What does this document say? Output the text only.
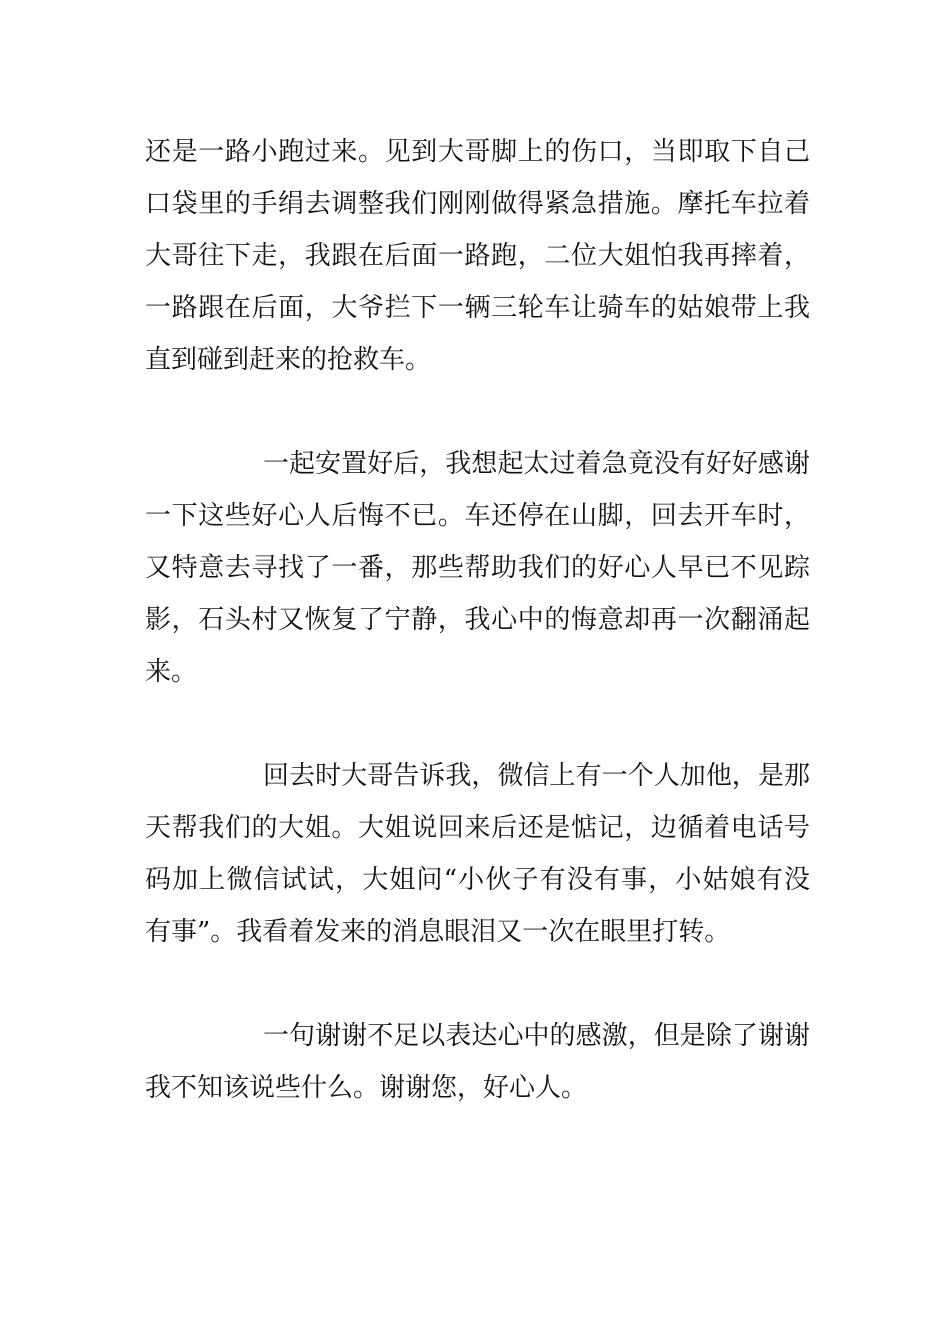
还是一路小跑过来。见到大哥脚上的伤口，当即取下自己
口袋里的手绢去调整我们刚刚做得紧急措施。摩托车拉着
大哥往下走，我跟在后面一路跑，二位大姐怕我再摔着，
一路跟在后面，大爷拦下一辆三轮车让骑车的姑娘带上我
直到碰到赶来的抢救车。

一起安置好后，我想起太过着急竟没有好好感谢
一下这些好心人后悔不已。车还停在山脚，回去开车时，
又特意去寻找了一番，那些帮助我们的好心人早已不见踪
影，石头村又恢复了宁静，我心中的悔意却再一次翻涌起
来。

回去时大哥告诉我，微信上有一个人加他，是那
天帮我们的大姐。大姐说回来后还是惦记，边循着电话号
码加上微信试试，大姐问“小伙子有没有事，小姑娘有没
有事”。我看着发来的消息眼泪又一次在眼里打转。

一句谢谢不足以表达心中的感激，但是除了谢谢
我不知该说些什么。谢谢您，好心人。
